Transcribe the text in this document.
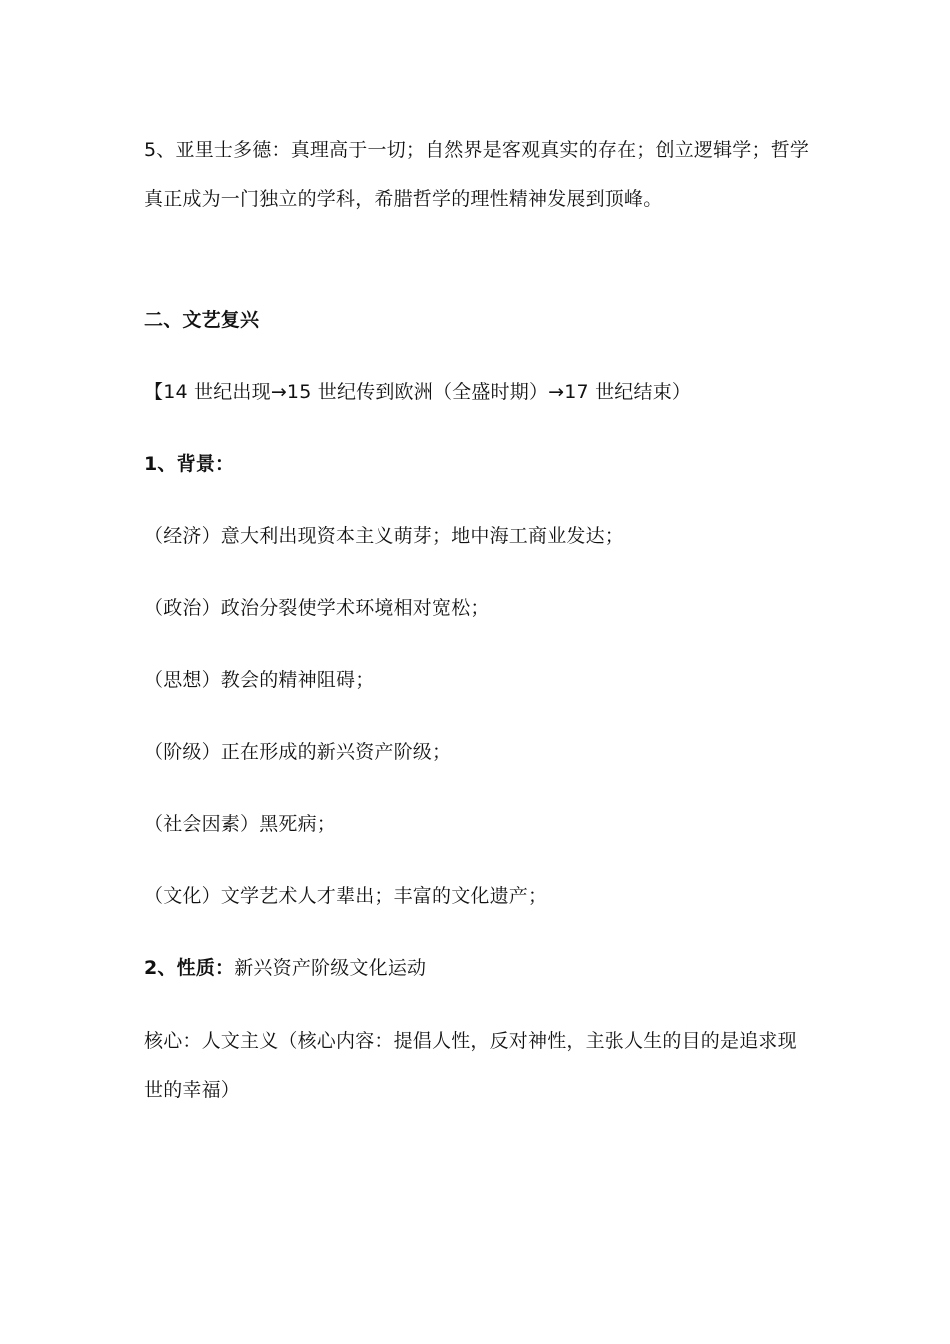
5、亚里士多德：真理高于一切；自然界是客观真实的存在；创立逻辑学；哲学
真正成为一门独立的学科，希腊哲学的理性精神发展到顶峰。
二、文艺复兴
【14 世纪出现→15 世纪传到欧洲（全盛时期）→17 世纪结束）
1、背景：
（经济）意大利出现资本主义萌芽；地中海工商业发达；
（政治）政治分裂使学术环境相对宽松；
（思想）教会的精神阻碍；
（阶级）正在形成的新兴资产阶级；
（社会因素）黑死病；
（文化）文学艺术人才辈出；丰富的文化遗产；
2、性质：新兴资产阶级文化运动
核心：人文主义（核心内容：提倡人性，反对神性，主张人生的目的是追求现
世的幸福）
